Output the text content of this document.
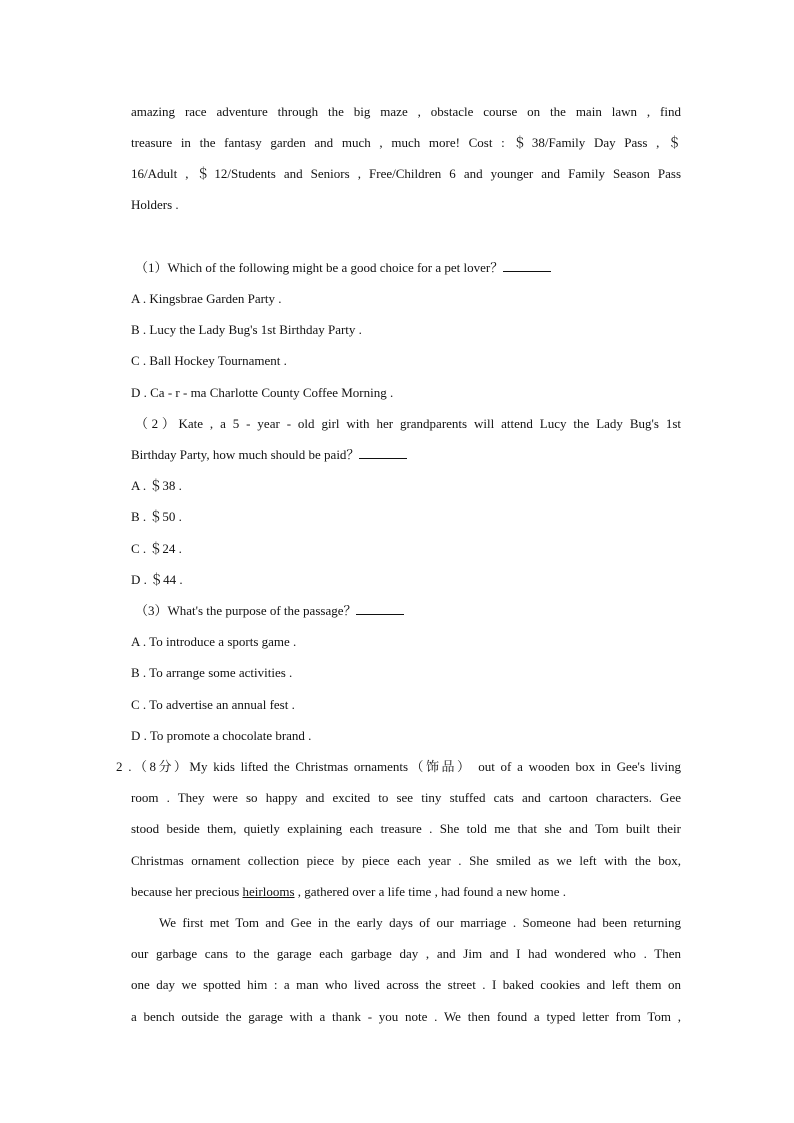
amazing race adventure through the big maze , obstacle course on the main lawn , find
treasure in the fantasy garden and much , much more! Cost : ＄38/Family Day Pass , ＄
16/Adult , ＄12/Students and Seniors , Free/Children 6 and younger and Family Season Pass
Holders .
（1）Which of the following might be a good choice for a pet lover？
A . Kingsbrae Garden Party .
B . Lucy the Lady Bug's 1st Birthday Party .
C . Ball Hockey Tournament .
D . Ca - r - ma Charlotte County Coffee Morning .
（2）Kate , a 5 - year - old girl with her grandparents will attend Lucy the Lady Bug's 1st
Birthday Party, how much should be paid？
A . ＄38 .
B . ＄50 .
C . ＄24 .
D . ＄44 .
（3）What's the purpose of the passage？
A . To introduce a sports game .
B . To arrange some activities .
C . To advertise an annual fest .
D . To promote a chocolate brand .
2 .（8分）My kids lifted the Christmas ornaments（饰品） out of a wooden box in Gee's living
room . They were so happy and excited to see tiny stuffed cats and cartoon characters. Gee
stood beside them, quietly explaining each treasure . She told me that she and Tom built their
Christmas ornament collection piece by piece each year . She smiled as we left with the box,
because her precious heirlooms , gathered over a life time , had found a new home .
We first met Tom and Gee in the early days of our marriage . Someone had been returning
our garbage cans to the garage each garbage day , and Jim and I had wondered who . Then
one day we spotted him : a man who lived across the street . I baked cookies and left them on
a bench outside the garage with a thank - you note . We then found a typed letter from Tom ,
